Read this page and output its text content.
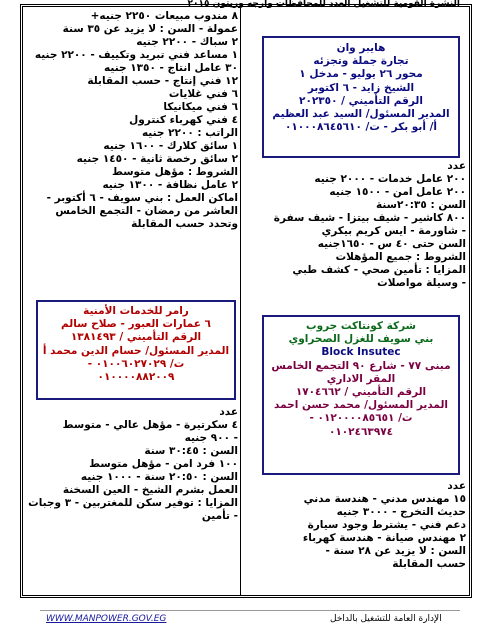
النشرة القومية للتشغيل العدد للمحافظات وارجه وريتون ٢٠١٥
WWW.MANPOWER.GOV.EG	الإدارة العامة للتشغيل بالداخل
٨ مندوب مبيعات ٢٢٥٠ جنيه+
عمولة - السن : لا يزيد عن ٣٥ سنة
٢ سباك - ٢٢٠٠ جنيه
١ مساعد فني تبريد وتكييف - ٢٢٠٠ جنيه
٣٠ عامل انتاج - ١٣٥٠ جنيه
١٢ فني إنتاج - حسب المقابلة
٦ فني غلايات
٦ فني ميكانيكا
٤ فني كهرباء كنترول
الراتب : ٢٢٠٠ جنيه
١ سائق كلارك - ١٦٠٠ جنيه
٢ سائق رخصة ثانية - ١٤٥٠ جنيه
الشروط : مؤهل متوسط
٢ عامل نظافة - ١٣٠٠ جنيه
اماكن العمل : بني سويف - ٦ أكتوبر -
العاشر من رمضان - التجمع الخامس
وتحدد حسب المقابلة
هايبر وان
تجارة جملة وتجزئه
محور ٢٦ يوليو - مدخل ١
الشيخ زايد - ٦ اكتوبر
الرقم التأميني / ٢٠٢٣٥٠
المدير المسئول/ السيد عبد العظيم
أ/ أبو بكر - ت/ ٠١٠٠٠٨٦٤٥٦١٠
عدد
٢٠٠ عامل خدمات - ٢٠٠٠ جنيه
٢٠٠ عامل امن - ١٥٠٠ جنيه
السن : ٢٠:٣٥سنة
٨٠٠ كاشير - شيف بيتزا - شيف سفرة
- شاورمة - ايس كريم بيكري
السن حتى ٤٠ س - ١٦٥٠جنيه
الشروط : جميع المؤهلات
المزايا : تأمين صحي - كشف طبي
- وسيلة مواصلات
رامر للخدمات الأمنية
٦ عمارات العبور - صلاح سالم
الرقم التأميني / ١٣٨١٤٩٣
المدير المسئول/ حسام الدين محمد أ
ت/ ٠١٠٠٦٠٢٧٠٢٩ -
٠١٠٠٠٠٨٨٢٠٠٩
عدد
٤ سكرتيرة - مؤهل عالي - متوسط
- ٩٠٠ جنيه
السن : ٣٠:٤٥ سنة
١٠٠ فرد امن - مؤهل متوسط
السن : ٢٠:٥٠ سنة - ١٠٠٠ جنيه
العمل بشرم الشيخ - العين السخنة
المزايا : توفير سكن للمغتربين - ٣ وجبات
- تأمين
شركة كونتاكت جروب
بني سويف للغزل الصحراوي
Block Insutec
مبنى ٧٧ - شارع ٩٠ التجمع الخامس
المقر الاداري
الرقم التأميني / ١٧٠٤٦٦٢
المدير المسئول/ محمد حسن احمد
ت/ ٠١٢٠٠٠٠٨٥٦٥١ -
٠١٠٢٤٦٣٩٧٤
عدد
١٥ مهندس مدني - هندسة مدني
حديث التخرج - ٣٠٠٠ جنيه
دعم فني - يشترط وجود سيارة
٢ مهندس صيانة - هندسة كهرباء
السن : لا يزيد عن ٢٨ سنة -
حسب المقابلة
